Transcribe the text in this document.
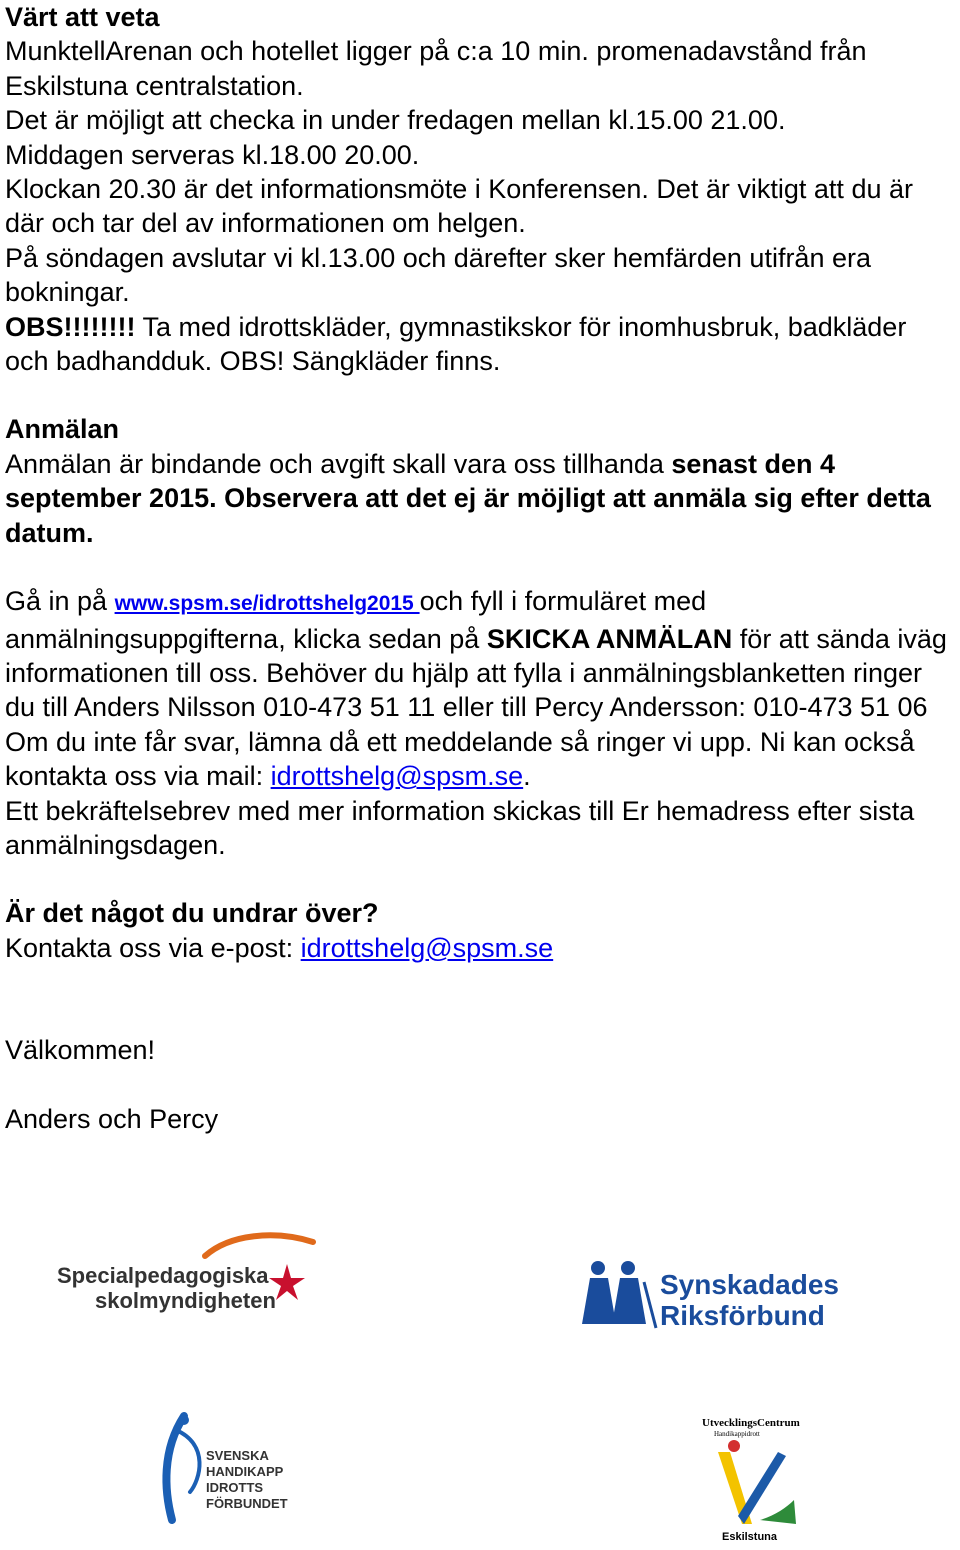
Värt att veta

MunktellArenan och hotellet ligger på c:a 10 min. promenadavstånd från Eskilstuna centralstation.

Det är möjligt att checka in under fredagen mellan kl.15.00 21.00.

Middagen serveras kl.18.00 20.00.

Klockan 20.30 är det informationsmöte i Konferensen. Det är viktigt att du är där och tar del av informationen om helgen.

På söndagen avslutar vi kl.13.00 och därefter sker hemfärden utifrån era bokningar.

OBS!!!!!!!! Ta med idrottskläder, gymnastikskor för inomhusbruk, badkläder och badhandduk. OBS! Sängkläder finns.

Anmälan

Anmälan är bindande och avgift skall vara oss tillhanda senast den 4 september 2015. Observera att det ej är möjligt att anmäla sig efter detta datum.

Gå in på www.spsm.se/idrottshelg2015 och fyll i formuläret med anmälningsuppgifterna, klicka sedan på SKICKA ANMÄLAN för att sända iväg informationen till oss. Behöver du hjälp att fylla i anmälningsblanketten ringer du till Anders Nilsson 010-473 51 11 eller till Percy Andersson: 010-473 51 06

Om du inte får svar, lämna då ett meddelande så ringer vi upp. Ni kan också kontakta oss via mail: idrottshelg@spsm.se.

Ett bekräftelsebrev med mer information skickas till Er hemadress efter sista anmälningsdagen.

Är det något du undrar över?

Kontakta oss via e-post: idrottshelg@spsm.se

Välkommen!

Anders och Percy

Specialpedagogiska
skolmyndigheten
Synskadades
Riksförbund
SVENSKA
HANDIKAPP
IDROTTS
FÖRBUNDET
UtvecklingsCentrum
Handikappidrott
Eskilstuna
